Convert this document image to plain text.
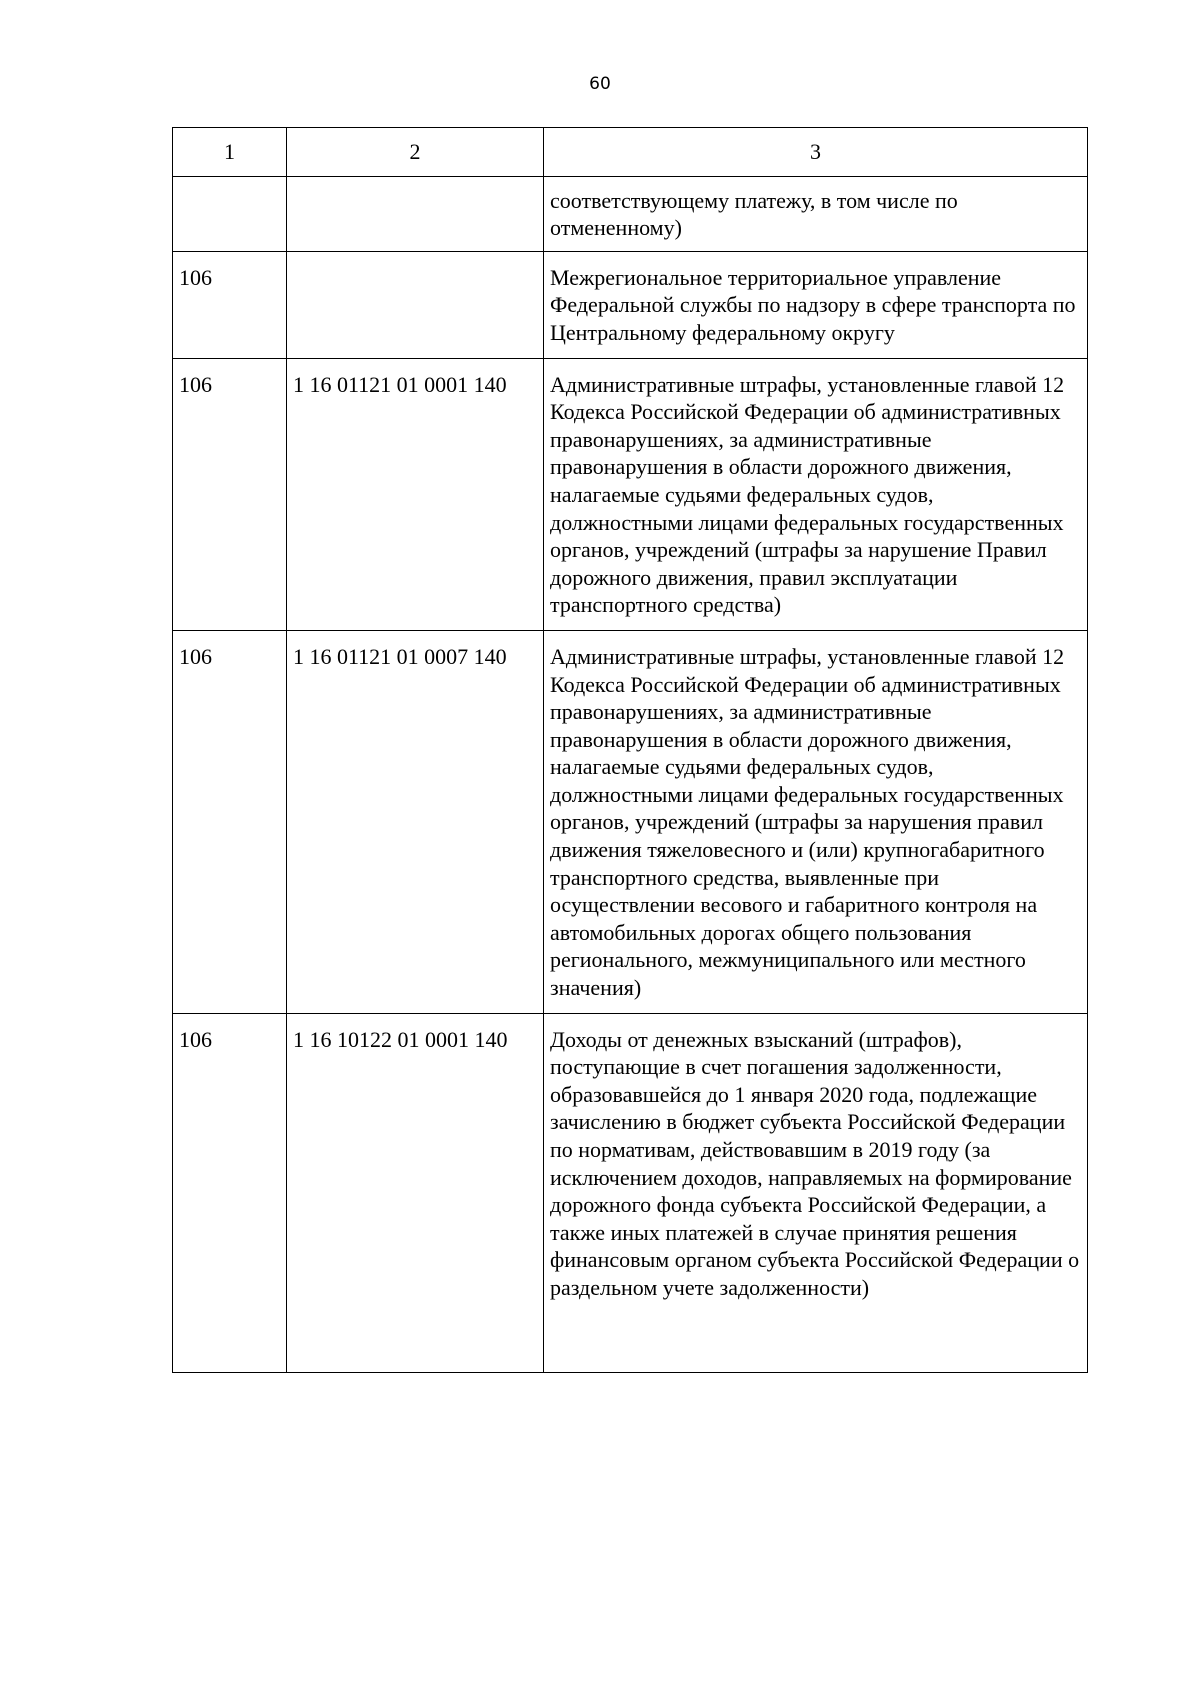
60
1	2	3
		соответствующему платежу, в том числе по отмененному)
106		Межрегиональное территориальное управление Федеральной службы по надзору в сфере транспорта по Центральному федеральному округу
106	1 16 01121 01 0001 140	Административные штрафы, установленные главой 12 Кодекса Российской Федерации об административных правонарушениях, за административные правонарушения в области дорожного движения, налагаемые судьями федеральных судов, должностными лицами федеральных государственных органов, учреждений (штрафы за нарушение Правил дорожного движения, правил эксплуатации транспортного средства)
106	1 16 01121 01 0007 140	Административные штрафы, установленные главой 12 Кодекса Российской Федерации об административных правонарушениях, за административные правонарушения в области дорожного движения, налагаемые судьями федеральных судов, должностными лицами федеральных государственных органов, учреждений (штрафы за нарушения правил движения тяжеловесного и (или) крупногабаритного транспортного средства, выявленные при осуществлении весового и габаритного контроля на автомобильных дорогах общего пользования регионального, межмуниципального или местного значения)
106	1 16 10122 01 0001 140	Доходы от денежных взысканий (штрафов), поступающие в счет погашения задолженности, образовавшейся до 1 января 2020 года, подлежащие зачислению в бюджет субъекта Российской Федерации по нормативам, действовавшим в 2019 году (за исключением доходов, направляемых на формирование дорожного фонда субъекта Российской Федерации, а также иных платежей в случае принятия решения финансовым органом субъекта Российской Федерации о раздельном учете задолженности)
